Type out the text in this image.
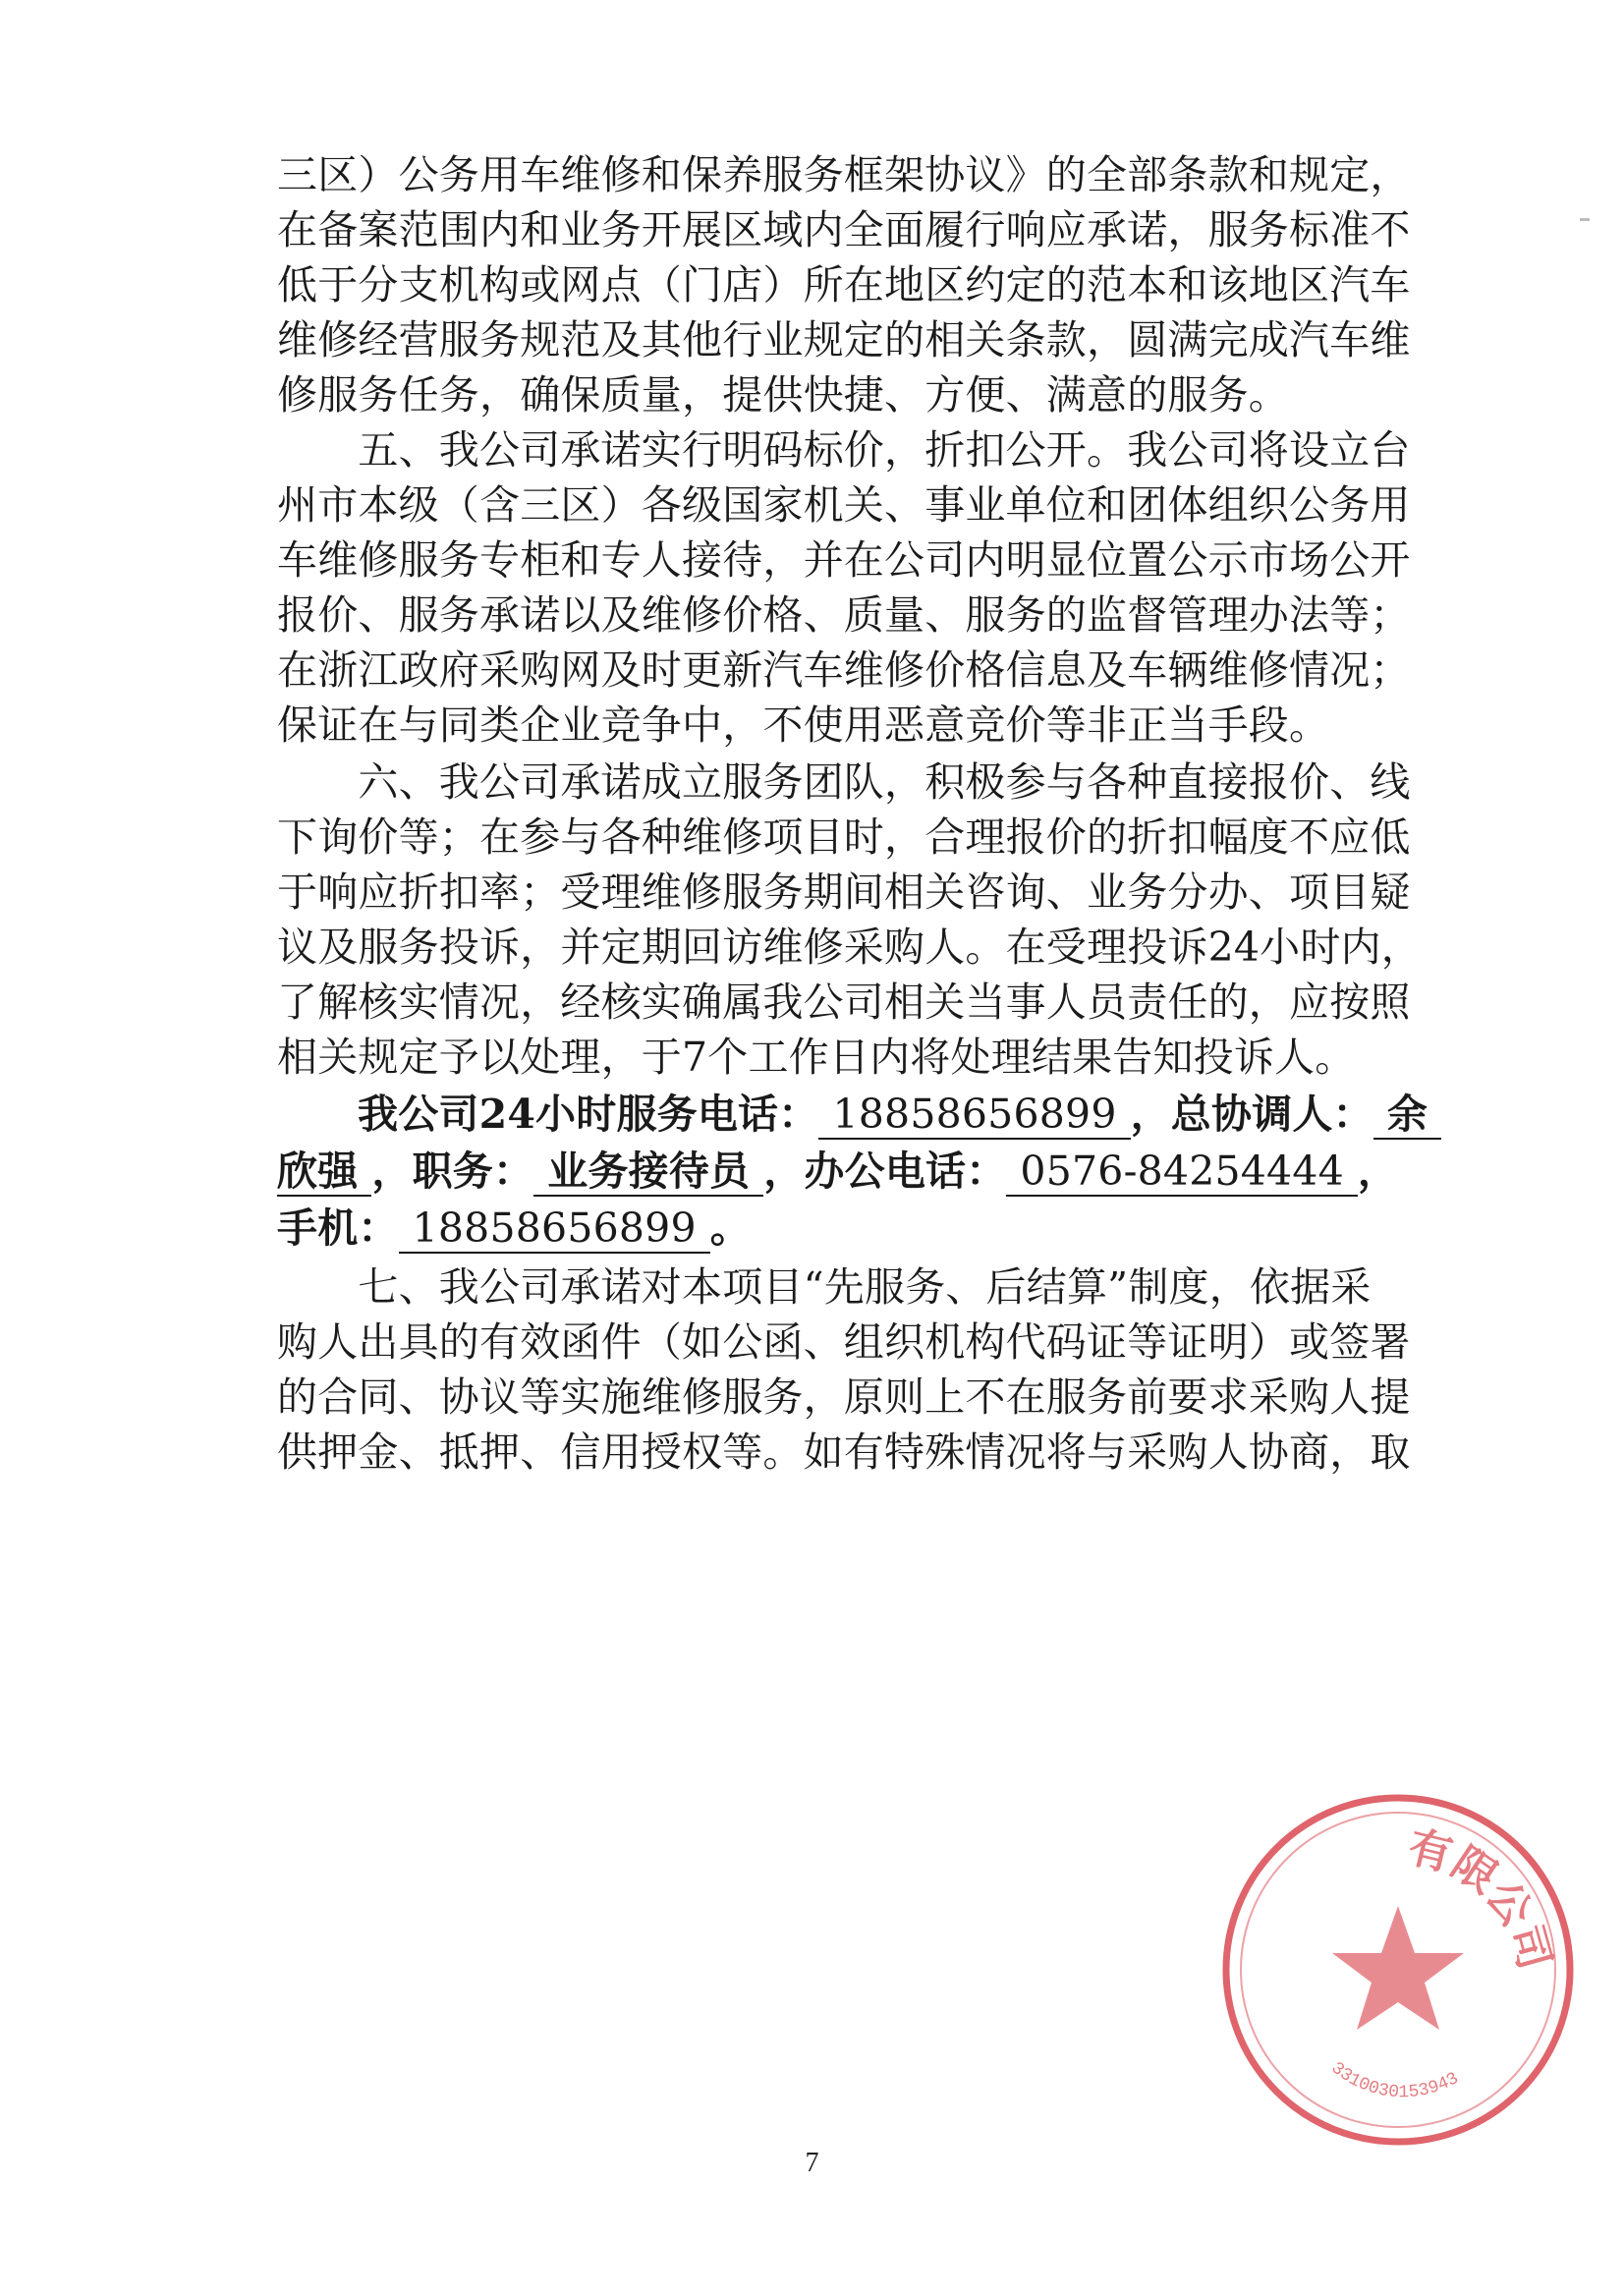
三区）公务用车维修和保养服务框架协议》的全部条款和规定，
在备案范围内和业务开展区域内全面履行响应承诺，服务标准不
低于分支机构或网点（门店）所在地区约定的范本和该地区汽车
维修经营服务规范及其他行业规定的相关条款，圆满完成汽车维
修服务任务，确保质量，提供快捷、方便、满意的服务。
　　五、我公司承诺实行明码标价，折扣公开。我公司将设立台
州市本级（含三区）各级国家机关、事业单位和团体组织公务用
车维修服务专柜和专人接待，并在公司内明显位置公示市场公开
报价、服务承诺以及维修价格、质量、服务的监督管理办法等；
在浙江政府采购网及时更新汽车维修价格信息及车辆维修情况；
保证在与同类企业竞争中，不使用恶意竞价等非正当手段。
　　六、我公司承诺成立服务团队，积极参与各种直接报价、线
下询价等；在参与各种维修项目时，合理报价的折扣幅度不应低
于响应折扣率；受理维修服务期间相关咨询、业务分办、项目疑
议及服务投诉，并定期回访维修采购人。在受理投诉24小时内，
了解核实情况，经核实确属我公司相关当事人员责任的，应按照
相关规定予以处理，于7个工作日内将处理结果告知投诉人。
我公司24小时服务电话： 18858656899 ，总协调人： 余
欣强 ，职务： 业务接待员 ，办公电话： 0576-84254444 ，
手机： 18858656899 。
　　七、我公司承诺对本项目“先服务、后结算”制度，依据采
购人出具的有效函件（如公函、组织机构代码证等证明）或签署
的合同、协议等实施维修服务，原则上不在服务前要求采购人提
供押金、抵押、信用授权等。如有特殊情况将与采购人协商，取
7
有限公司
3310030153943
